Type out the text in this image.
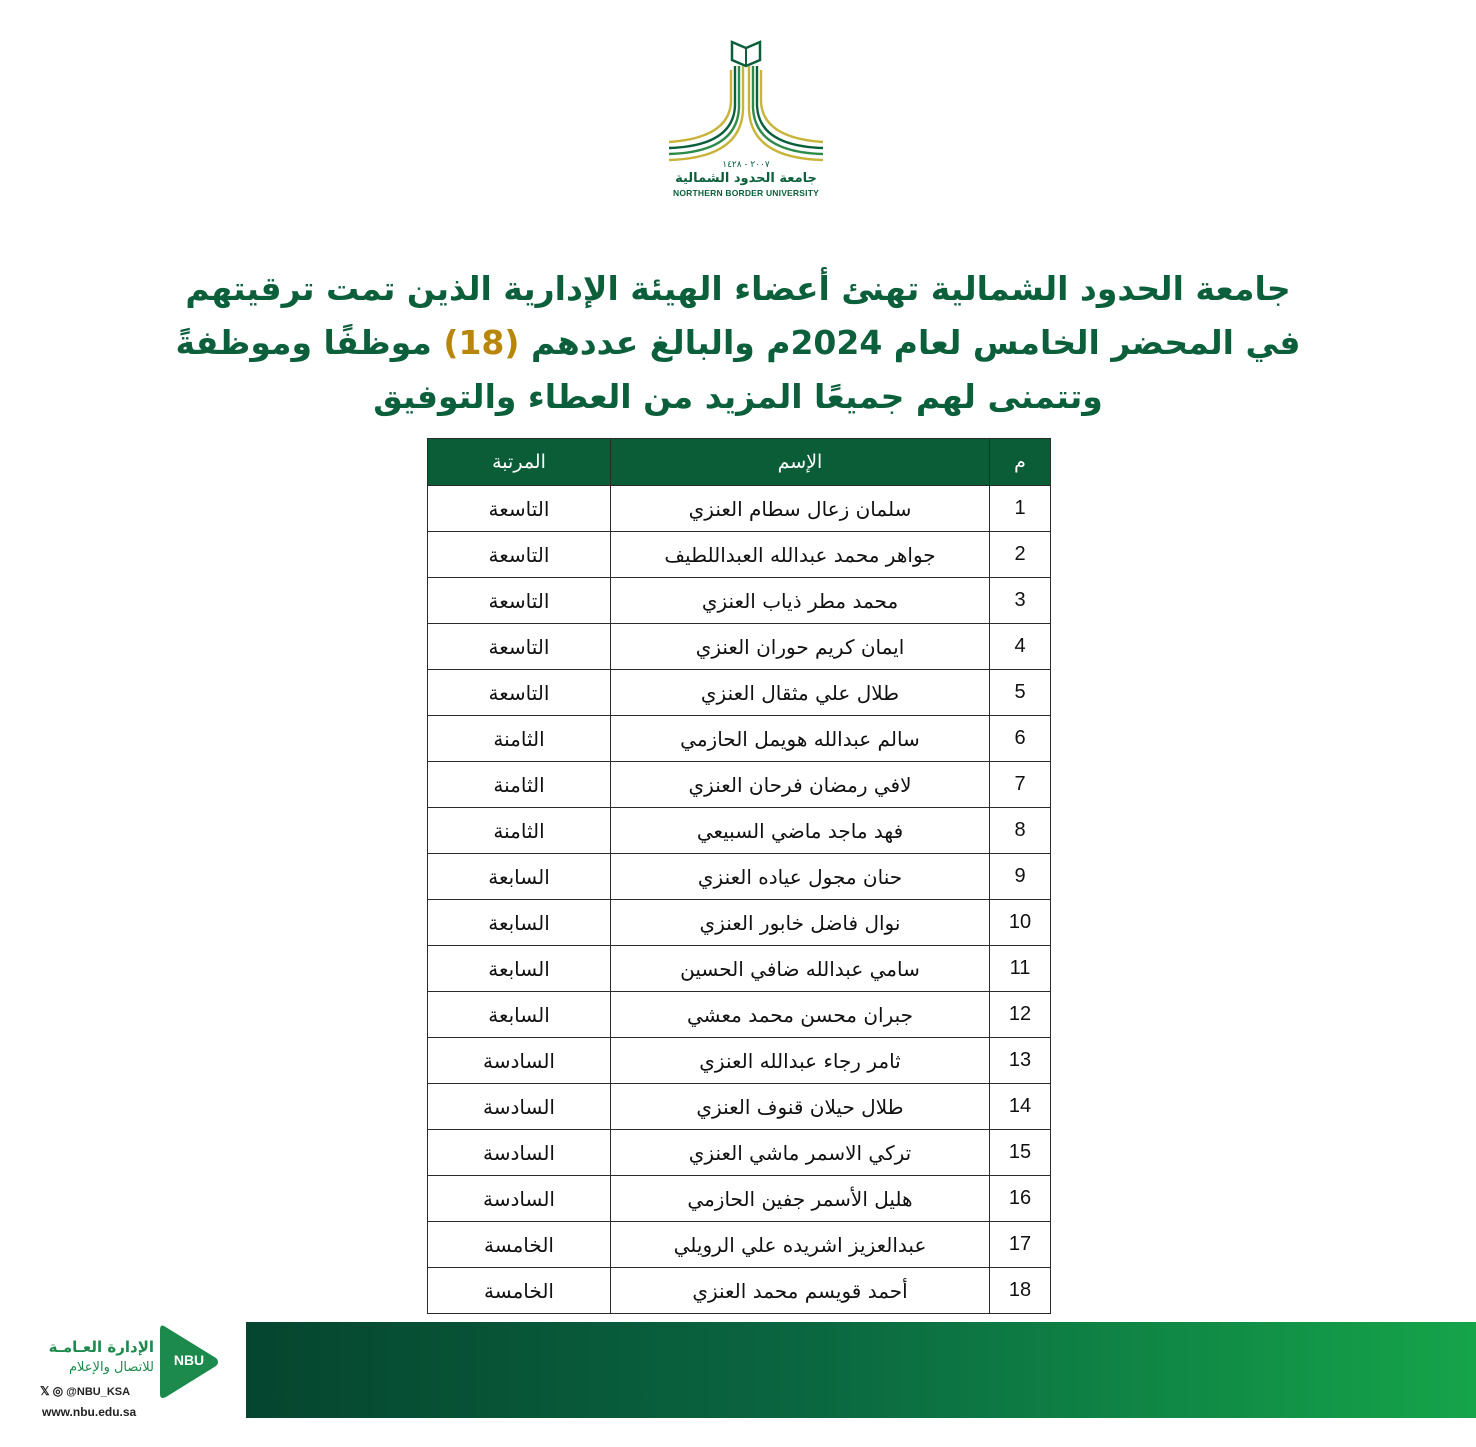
٢٠٠٧ - ١٤٢٨
جامعة الحدود الشمالية
NORTHERN BORDER UNIVERSITY
جامعة الحدود الشمالية تهنئ أعضاء الهيئة الإدارية الذين تمت ترقيتهم
في المحضر الخامس لعام 2024م والبالغ عددهم (18) موظفًا وموظفةً
وتتمنى لهم جميعًا المزيد من العطاء والتوفيق
م	الإسم	المرتبة
1	سلمان زعال سطام العنزي	التاسعة
2	جواهر محمد عبدالله العبداللطيف	التاسعة
3	محمد مطر ذياب العنزي	التاسعة
4	ايمان كريم حوران العنزي	التاسعة
5	طلال علي مثقال العنزي	التاسعة
6	سالم عبدالله هويمل الحازمي	الثامنة
7	لافي رمضان فرحان العنزي	الثامنة
8	فهد ماجد ماضي السبيعي	الثامنة
9	حنان مجول عياده العنزي	السابعة
10	نوال فاضل خابور العنزي	السابعة
11	سامي عبدالله ضافي الحسين	السابعة
12	جبران محسن محمد معشي	السابعة
13	ثامر رجاء عبدالله العنزي	السادسة
14	طلال حيلان قنوف العنزي	السادسة
15	تركي الاسمر ماشي العنزي	السادسة
16	هليل الأسمر جفين الحازمي	السادسة
17	عبدالعزيز اشريده علي الرويلي	الخامسة
18	أحمد قويسم محمد العنزي	الخامسة
NBU
الإدارة العـامـة
للاتصال والإعلام
𝕏 ◎ @NBU_KSA
www.nbu.edu.sa
